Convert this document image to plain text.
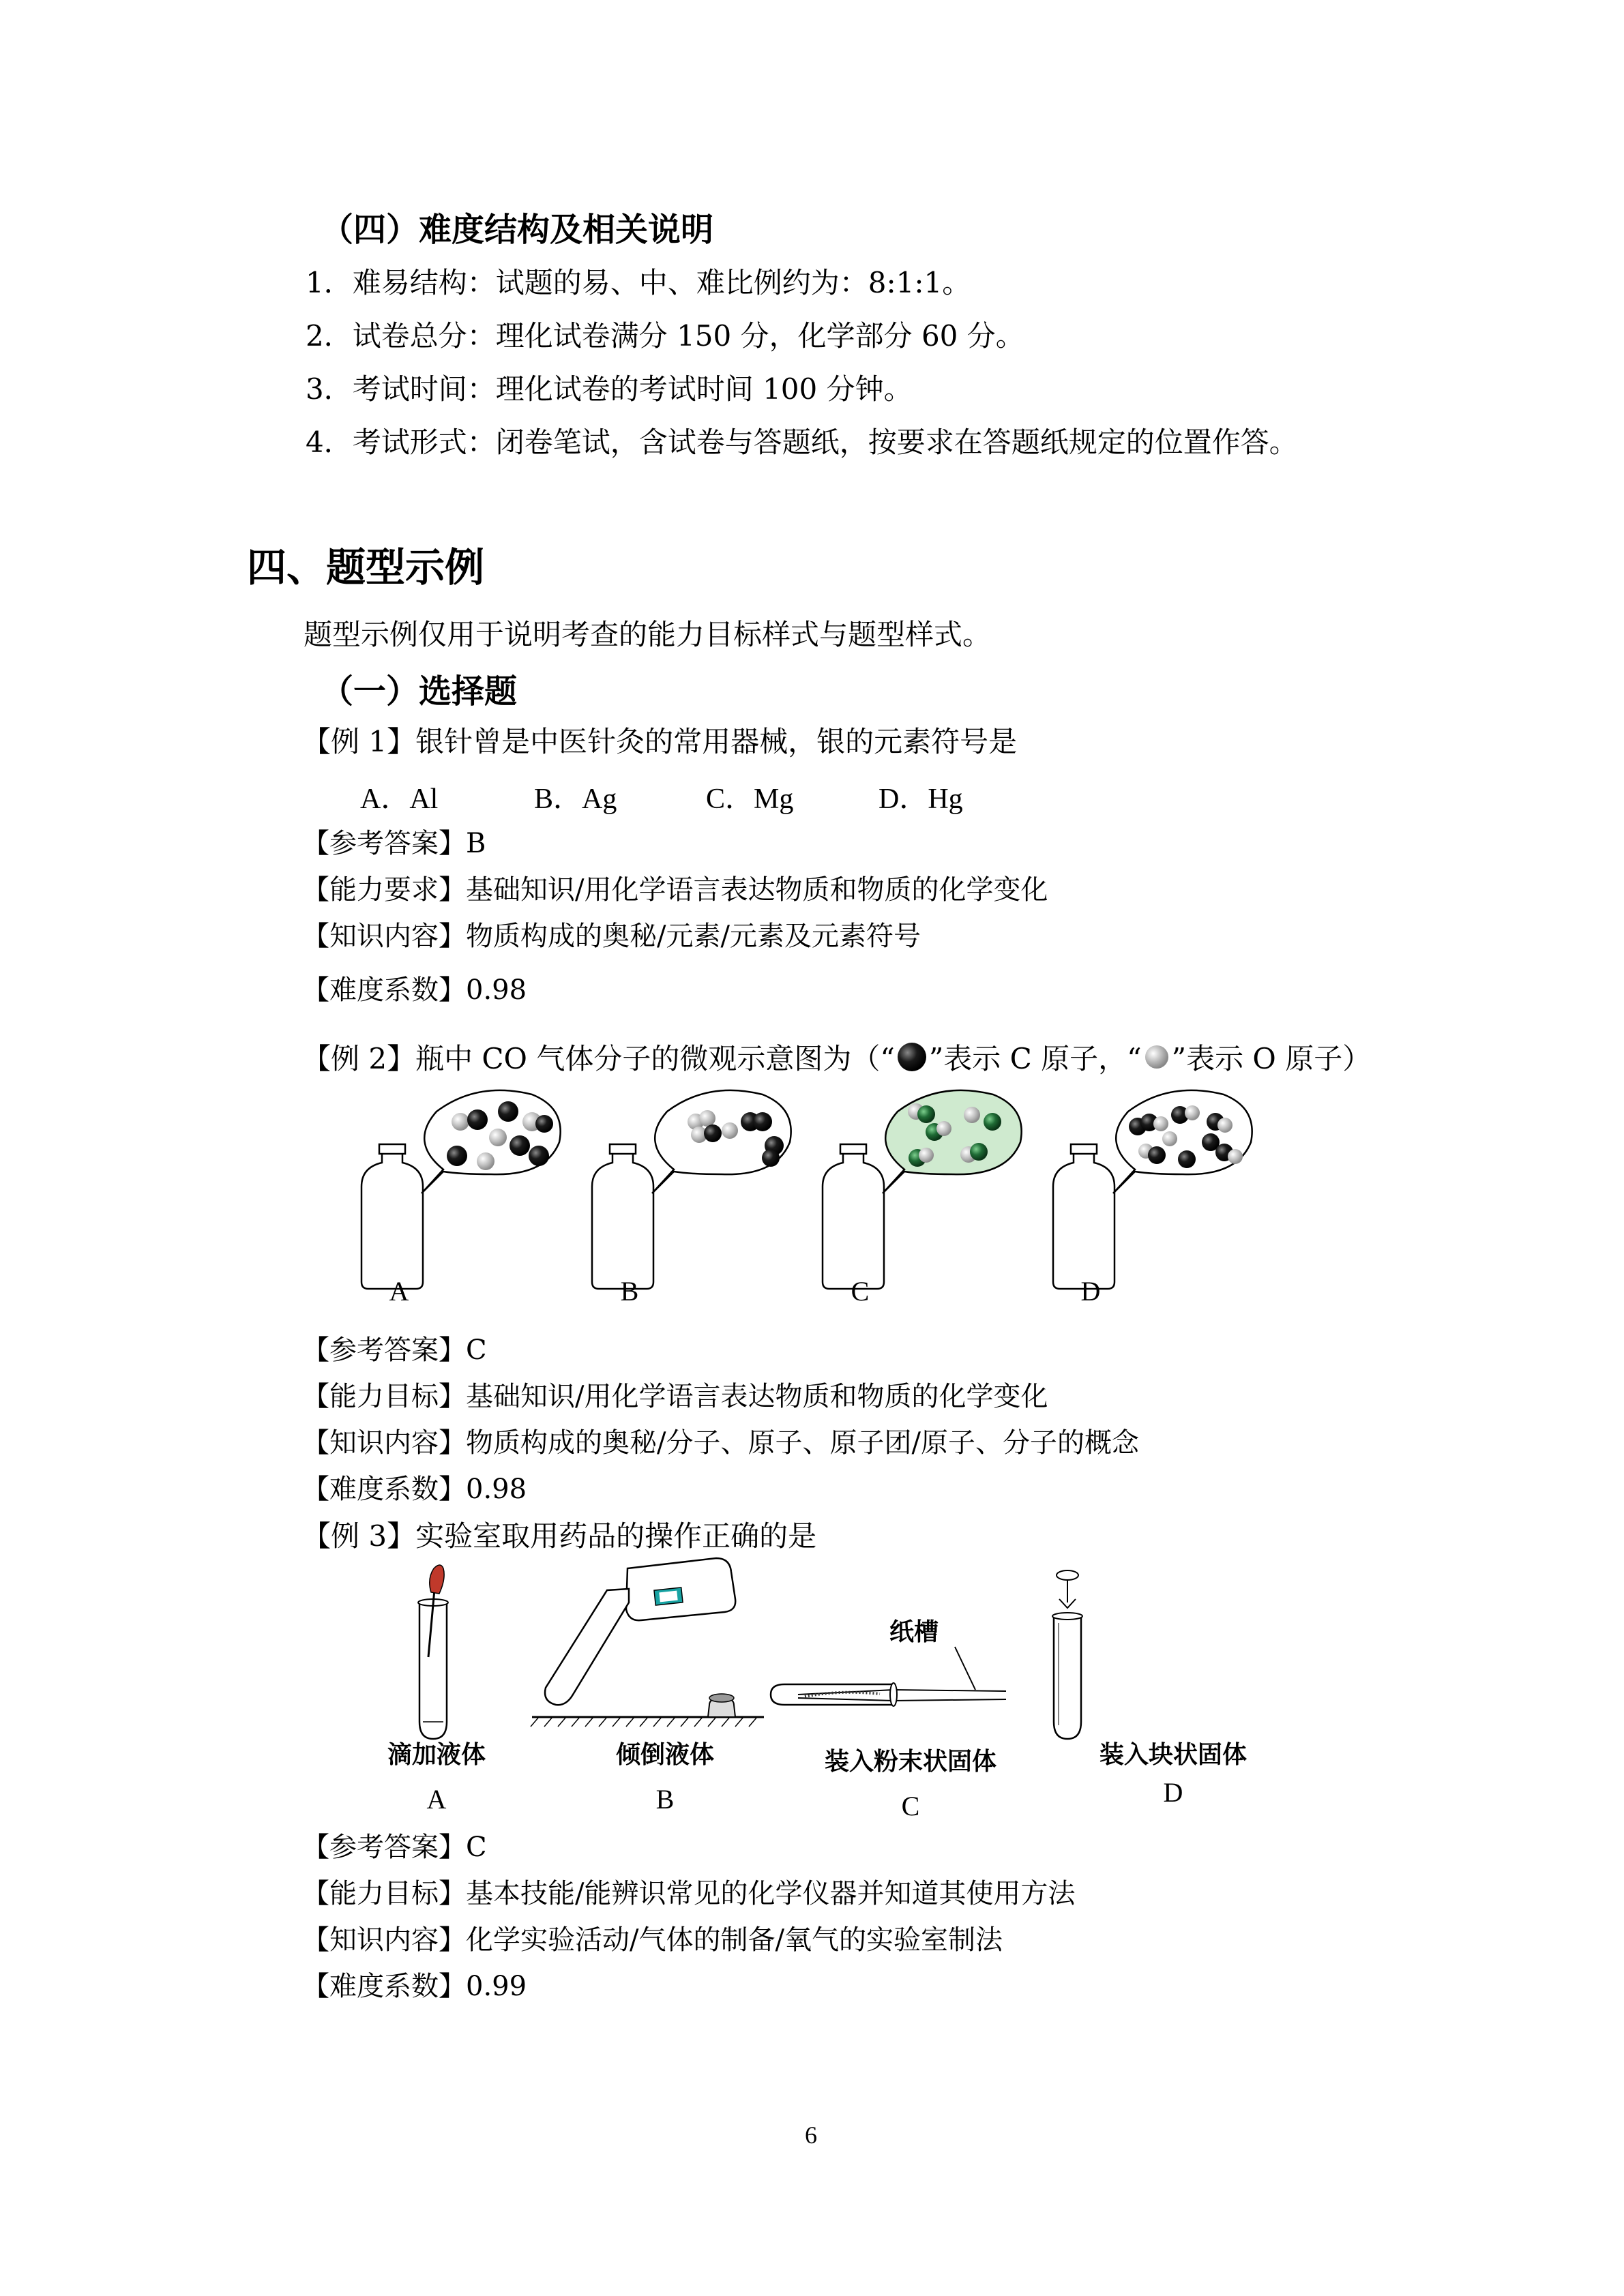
（四）难度结构及相关说明
1．难易结构：试题的易、中、难比例约为：8:1:1。
2．试卷总分：理化试卷满分 150 分，化学部分 60 分。
3．考试时间：理化试卷的考试时间 100 分钟。
4．考试形式：闭卷笔试，含试卷与答题纸，按要求在答题纸规定的位置作答。
四、题型示例
题型示例仅用于说明考查的能力目标样式与题型样式。
（一）选择题
【例 1】银针曾是中医针灸的常用器械，银的元素符号是
A．Al	B．Ag	C．Mg	D．Hg
【参考答案】B
【能力要求】基础知识/用化学语言表达物质和物质的化学变化
【知识内容】物质构成的奥秘/元素/元素及元素符号
【难度系数】0.98
【例 2】瓶中 CO 气体分子的微观示意图为（“ ”表示 C 原子，“ ”表示 O 原子）
A	B	C	D
【参考答案】C
【能力目标】基础知识/用化学语言表达物质和物质的化学变化
【知识内容】物质构成的奥秘/分子、原子、原子团/原子、分子的概念
【难度系数】0.98
【例 3】实验室取用药品的操作正确的是
纸槽
滴加液体	倾倒液体	装入粉末状固体	装入块状固体
A	B	C	D
【参考答案】C
【能力目标】基本技能/能辨识常见的化学仪器并知道其使用方法
【知识内容】化学实验活动/气体的制备/氧气的实验室制法
【难度系数】0.99
6
